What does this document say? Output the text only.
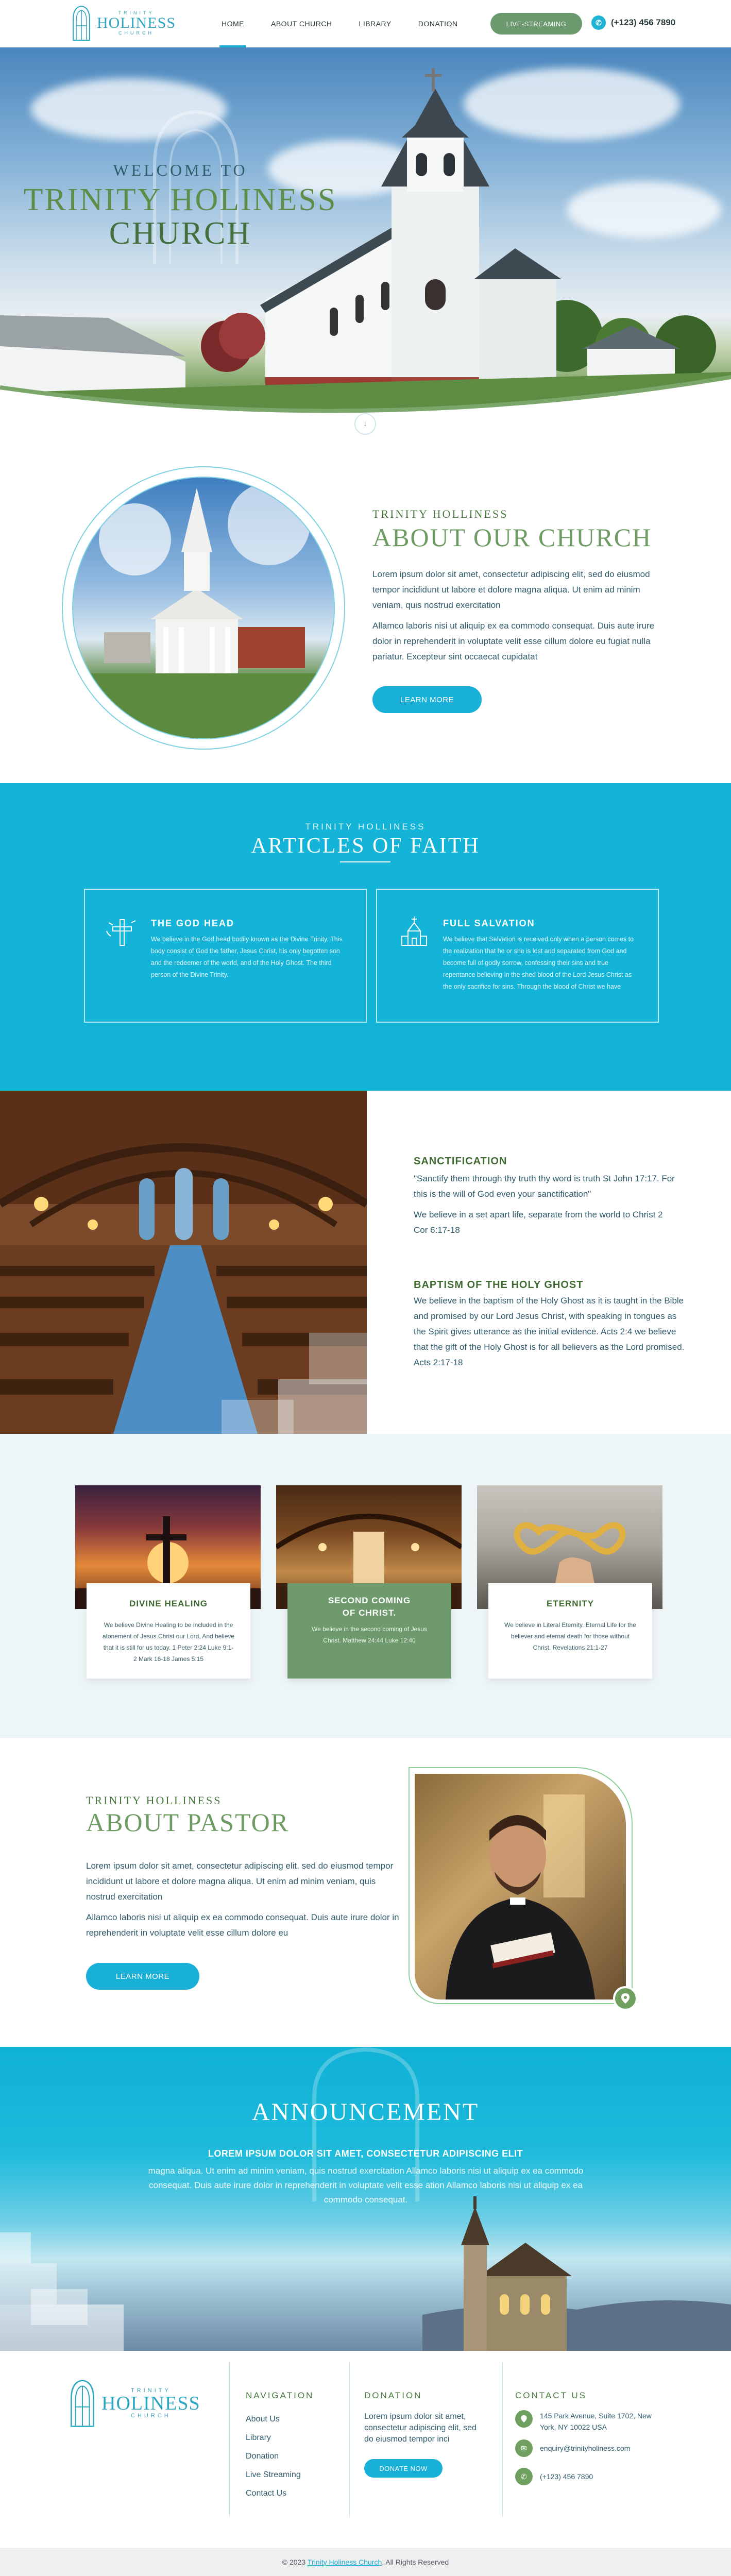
TRINITY
HOLINESS
CHURCH
HOME	ABOUT CHURCH	LIBRARY	DONATION	LIVE-STREAMING	✆	(+123) 456 7890
WELCOME TO
TRINITY HOLINESS
CHURCH
↓
TRINITY HOLLINESS
ABOUT OUR CHURCH

Lorem ipsum dolor sit amet, consectetur adipiscing elit, sed do eiusmod tempor incididunt ut labore et dolore magna aliqua. Ut enim ad minim veniam, quis nostrud exercitation

Allamco laboris nisi ut aliquip ex ea commodo consequat. Duis aute irure dolor in reprehenderit in voluptate velit esse cillum dolore eu fugiat nulla pariatur. Excepteur sint occaecat cupidatat

LEARN MORE
TRINITY HOLLINESS
ARTICLES OF FAITH
THE GOD HEAD
We believe in the God head bodily known as the Divine Trinity. This body consist of God the father, Jesus Christ, his only begotten son and the redeemer of the world, and of the Holy Ghost. The third person of the Divine Trinity.
FULL SALVATION
We believe that Salvation is received only when a person comes to the realization that he or she is lost and separated from God and become full of godly sorrow, confessing their sins and true repentance believing in the shed blood of the Lord Jesus Christ as the only sacrifice for sins. Through the blood of Christ we have
SANCTIFICATION

"Sanctify them through thy truth thy word is truth St John 17:17. For this is the will of God even your sanctification"

We believe in a set apart life, separate from the world to Christ 2 Cor 6:17-18

BAPTISM OF THE HOLY GHOST

We believe in the baptism of the Holy Ghost as it is taught in the Bible and promised by our Lord Jesus Christ, with speaking in tongues as the Spirit gives utterance as the initial evidence. Acts 2:4 we believe that the gift of the Holy Ghost is for all believers as the Lord promised. Acts 2:17-18

DIVINE HEALING
We believe Divine Healing to be included in the atonement of Jesus Christ our Lord, And believe that it is still for us today. 1 Peter 2:24 Luke 9:1-2 Mark 16-18 James 5:15
SECOND COMING
OF CHRIST.
We believe in the second coming of Jesus Christ. Matthew 24:44 Luke 12:40
ETERNITY
We believe in Literal Eternity. Eternal Life for the believer and eternal death for those without Christ. Revelations 21:1-27
TRINITY HOLLINESS
ABOUT PASTOR

Lorem ipsum dolor sit amet, consectetur adipiscing elit, sed do eiusmod tempor incididunt ut labore et dolore magna aliqua. Ut enim ad minim veniam, quis nostrud exercitation

Allamco laboris nisi ut aliquip ex ea commodo consequat. Duis aute irure dolor in reprehenderit in voluptate velit esse cillum dolore eu

LEARN MORE
ANNOUNCEMENT
LOREM IPSUM DOLOR SIT AMET, CONSECTETUR ADIPISCING ELIT

magna aliqua. Ut enim ad minim veniam, quis nostrud exercitation Allamco laboris nisi ut aliquip ex ea commodo consequat. Duis aute irure dolor in reprehenderit in voluptate velit esse ation Allamco laboris nisi ut aliquip ex ea commodo consequat.

TRINITY
HOLINESS
CHURCH
NAVIGATION
About Us
Library
Donation
Live Streaming
Contact Us
DONATION

Lorem ipsum dolor sit amet, consectetur adipiscing elit, sed do eiusmod tempor inci

DONATE NOW
CONTACT US
145 Park Avenue, Suite 1702, New York, NY 10022 USA
✉	enquiry@trinityholiness.com
✆	(+123) 456 7890
© 2023
Trinity Holiness Church . All Rights Reserved
